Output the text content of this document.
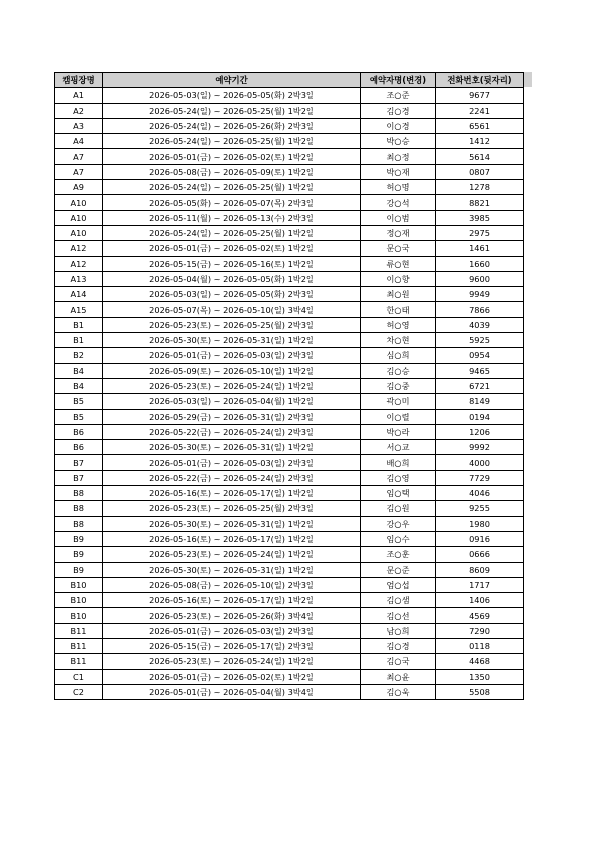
캠핑장명	예약기간	예약자명(변경)	전화번호(뒷자리)
A1	2026-05-03(일) ~ 2026-05-05(화) 2박3일	조○준	9677
A2	2026-05-24(일) ~ 2026-05-25(월) 1박2일	김○경	2241
A3	2026-05-24(일) ~ 2026-05-26(화) 2박3일	이○경	6561
A4	2026-05-24(일) ~ 2026-05-25(월) 1박2일	박○승	1412
A7	2026-05-01(금) ~ 2026-05-02(토) 1박2일	최○정	5614
A7	2026-05-08(금) ~ 2026-05-09(토) 1박2일	박○재	0807
A9	2026-05-24(일) ~ 2026-05-25(월) 1박2일	허○명	1278
A10	2026-05-05(화) ~ 2026-05-07(목) 2박3일	강○석	8821
A10	2026-05-11(월) ~ 2026-05-13(수) 2박3일	이○범	3985
A10	2026-05-24(일) ~ 2026-05-25(월) 1박2일	정○재	2975
A12	2026-05-01(금) ~ 2026-05-02(토) 1박2일	문○국	1461
A12	2026-05-15(금) ~ 2026-05-16(토) 1박2일	류○현	1660
A13	2026-05-04(월) ~ 2026-05-05(화) 1박2일	이○향	9600
A14	2026-05-03(일) ~ 2026-05-05(화) 2박3일	최○원	9949
A15	2026-05-07(목) ~ 2026-05-10(일) 3박4일	한○태	7866
B1	2026-05-23(토) ~ 2026-05-25(월) 2박3일	허○영	4039
B1	2026-05-30(토) ~ 2026-05-31(일) 1박2일	차○현	5925
B2	2026-05-01(금) ~ 2026-05-03(일) 2박3일	심○희	0954
B4	2026-05-09(토) ~ 2026-05-10(일) 1박2일	김○승	9465
B4	2026-05-23(토) ~ 2026-05-24(일) 1박2일	김○중	6721
B5	2026-05-03(일) ~ 2026-05-04(월) 1박2일	곽○미	8149
B5	2026-05-29(금) ~ 2026-05-31(일) 2박3일	이○렬	0194
B6	2026-05-22(금) ~ 2026-05-24(일) 2박3일	박○라	1206
B6	2026-05-30(토) ~ 2026-05-31(일) 1박2일	서○교	9992
B7	2026-05-01(금) ~ 2026-05-03(일) 2박3일	배○희	4000
B7	2026-05-22(금) ~ 2026-05-24(일) 2박3일	김○영	7729
B8	2026-05-16(토) ~ 2026-05-17(일) 1박2일	임○택	4046
B8	2026-05-23(토) ~ 2026-05-25(월) 2박3일	김○원	9255
B8	2026-05-30(토) ~ 2026-05-31(일) 1박2일	강○우	1980
B9	2026-05-16(토) ~ 2026-05-17(일) 1박2일	임○수	0916
B9	2026-05-23(토) ~ 2026-05-24(일) 1박2일	조○훈	0666
B9	2026-05-30(토) ~ 2026-05-31(일) 1박2일	문○준	8609
B10	2026-05-08(금) ~ 2026-05-10(일) 2박3일	엄○섭	1717
B10	2026-05-16(토) ~ 2026-05-17(일) 1박2일	김○샘	1406
B10	2026-05-23(토) ~ 2026-05-26(화) 3박4일	김○선	4569
B11	2026-05-01(금) ~ 2026-05-03(일) 2박3일	남○희	7290
B11	2026-05-15(금) ~ 2026-05-17(일) 2박3일	김○경	0118
B11	2026-05-23(토) ~ 2026-05-24(일) 1박2일	김○국	4468
C1	2026-05-01(금) ~ 2026-05-02(토) 1박2일	최○윤	1350
C2	2026-05-01(금) ~ 2026-05-04(월) 3박4일	김○욱	5508
